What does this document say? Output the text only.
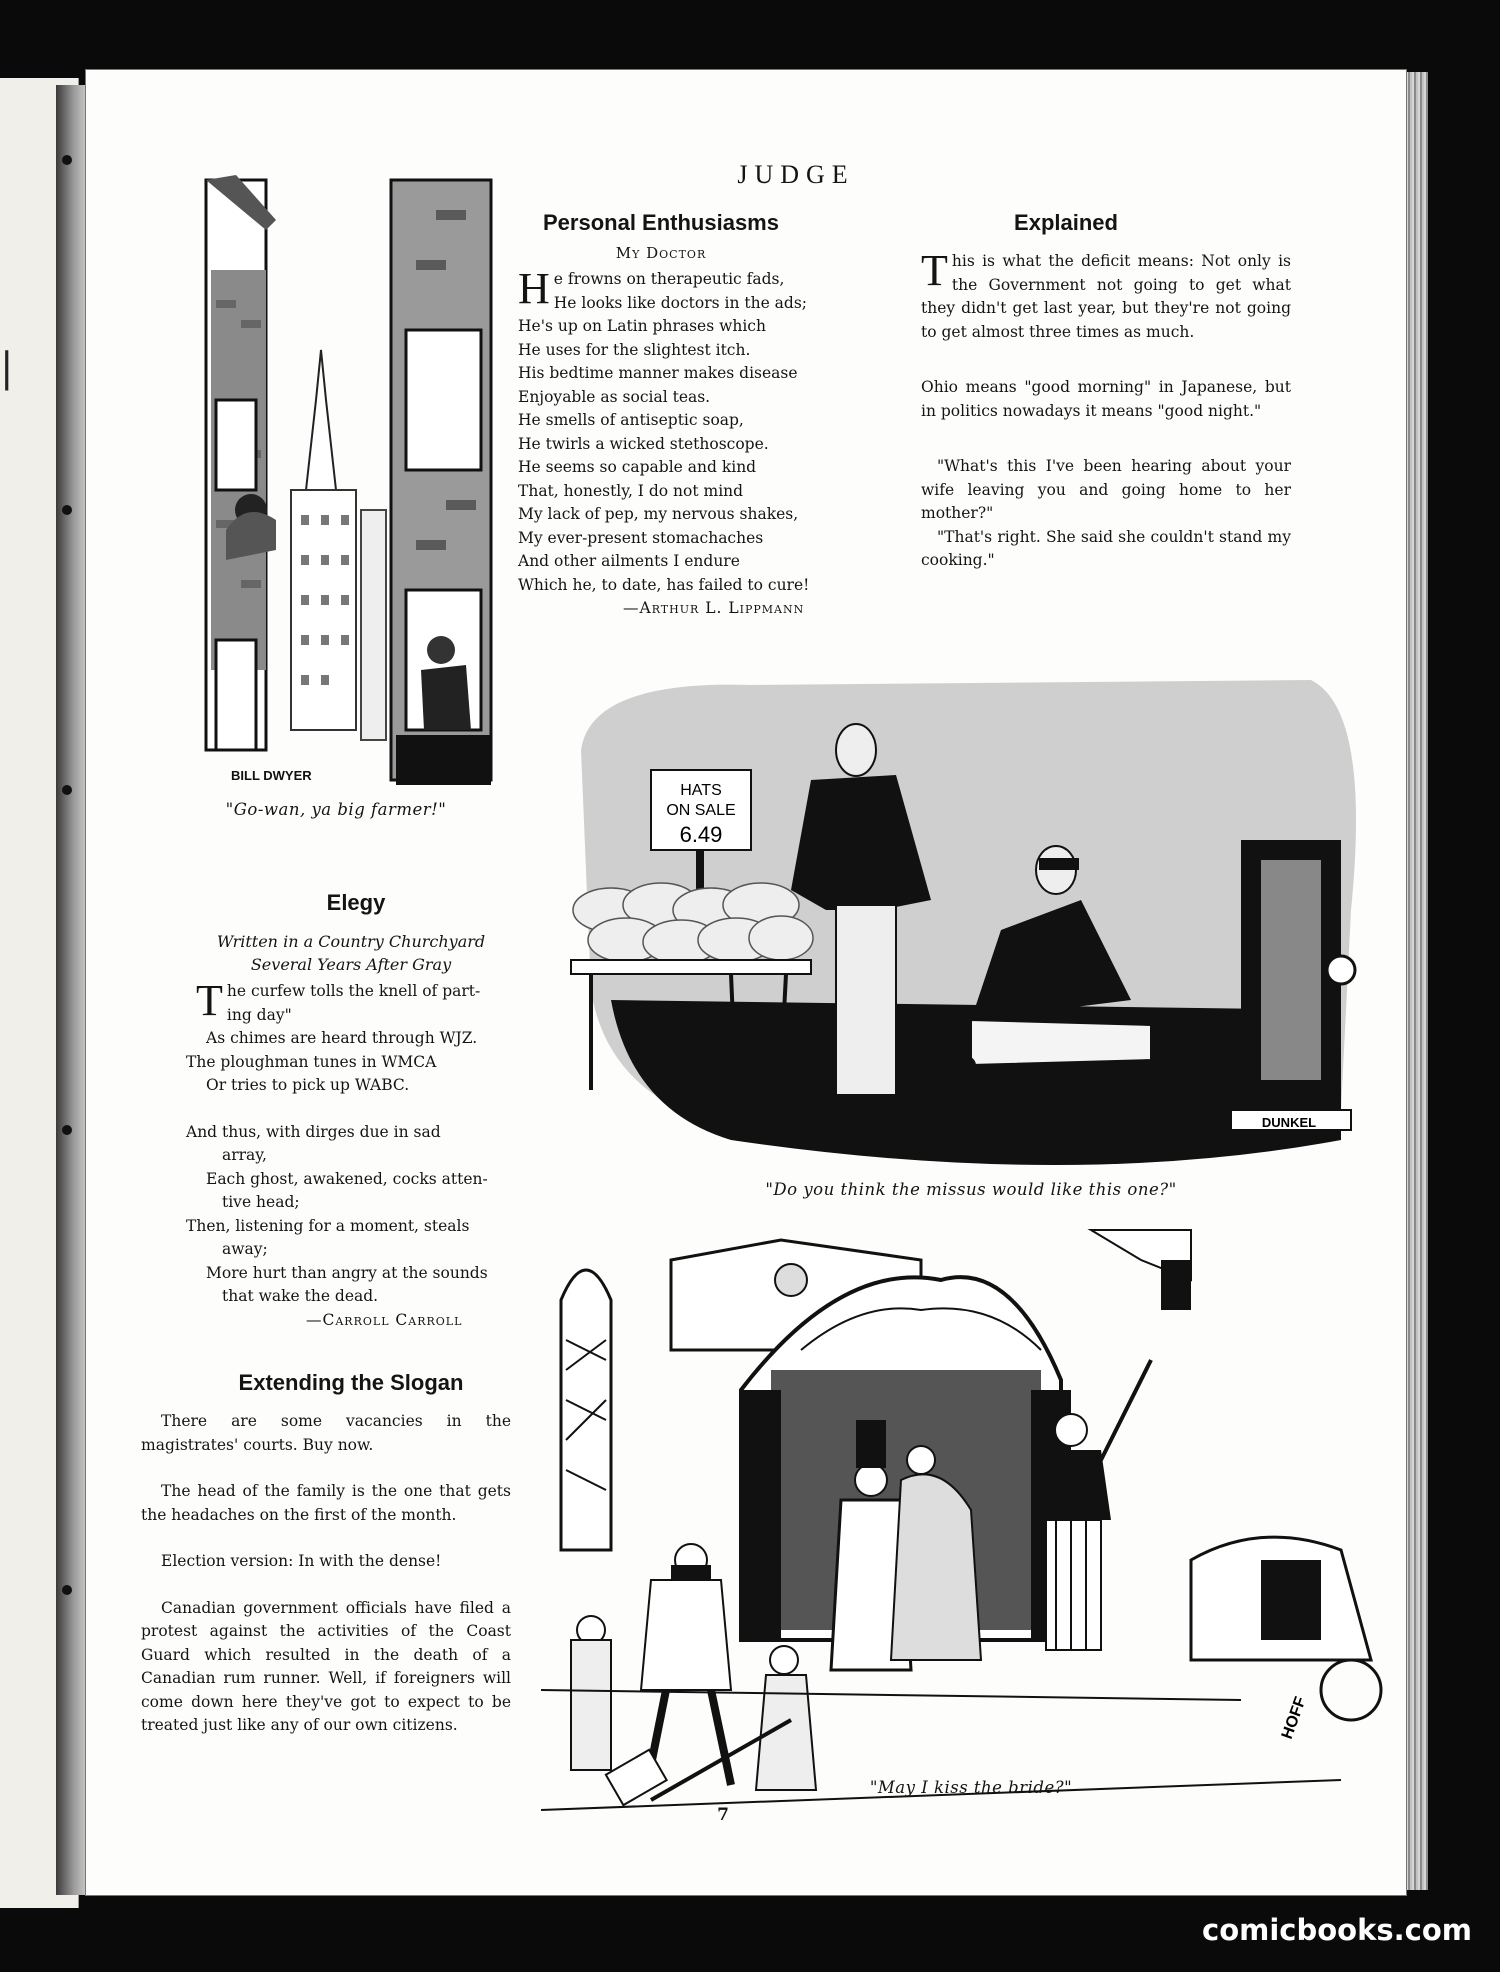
|
JUDGE
BILL DWYER
"Go-wan, ya big farmer!"
Personal Enthusiasms
My Doctor

He frowns on therapeutic fads,

He looks like doctors in the ads;

He's up on Latin phrases which

He uses for the slightest itch.

His bedtime manner makes disease

Enjoyable as social teas.

He smells of antiseptic soap,

He twirls a wicked stethoscope.

He seems so capable and kind

That, honestly, I do not mind

My lack of pep, my nervous shakes,

My ever-present stomachaches

And other ailments I endure

Which he, to date, has failed to cure!

—Arthur L. Lippmann

Explained

This is what the deficit means: Not only is the Government not going to get what they didn't get last year, but they're not going to get almost three times as much.

Ohio means "good morning" in Japanese, but in politics nowadays it means "good night."

"What's this I've been hearing about your wife leaving you and going home to her mother?"

"That's right. She said she couldn't stand my cooking."

HATS
ON SALE
6.49
DUNKEL
"Do you think the missus would like this one?"
Elegy
Written in a Country Churchyard
Several Years After Gray

The curfew tolls the knell of part-

ing day"

As chimes are heard through WJZ.

The ploughman tunes in WMCA

Or tries to pick up WABC.

And thus, with dirges due in sad

array,

Each ghost, awakened, cocks atten-

tive head;

Then, listening for a moment, steals

away;

More hurt than angry at the sounds

that wake the dead.

—Carroll Carroll

Extending the Slogan

There are some vacancies in the magistrates' courts. Buy now.

The head of the family is the one that gets the headaches on the first of the month.

Election version: In with the dense!

Canadian government officials have filed a protest against the activities of the Coast Guard which resulted in the death of a Canadian rum runner. Well, if foreigners will come down here they've got to expect to be treated just like any of our own citizens.	HOFF
"May I kiss the bride?"
7
comicbooks.com
